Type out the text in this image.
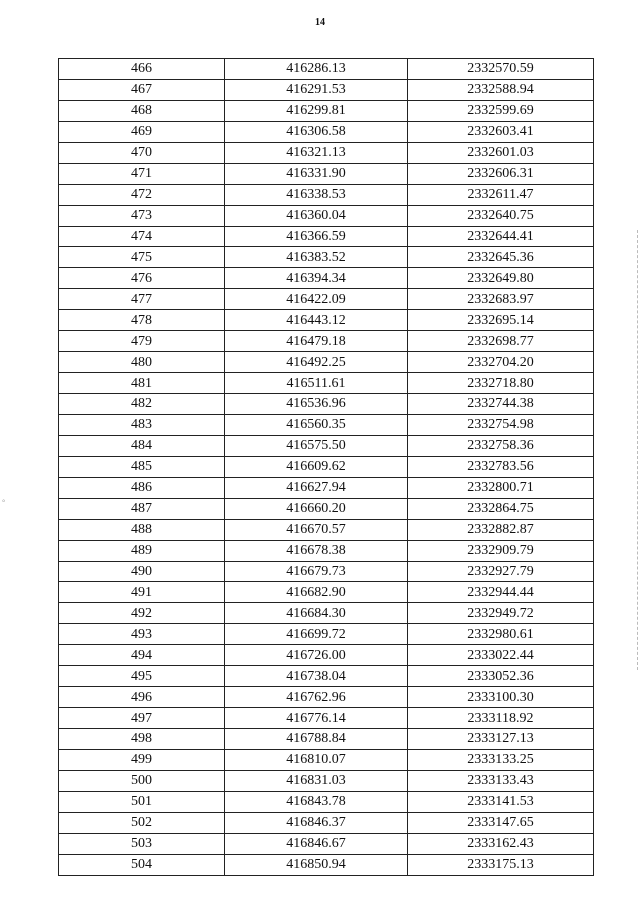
14
466	416286.13	2332570.59
467	416291.53	2332588.94
468	416299.81	2332599.69
469	416306.58	2332603.41
470	416321.13	2332601.03
471	416331.90	2332606.31
472	416338.53	2332611.47
473	416360.04	2332640.75
474	416366.59	2332644.41
475	416383.52	2332645.36
476	416394.34	2332649.80
477	416422.09	2332683.97
478	416443.12	2332695.14
479	416479.18	2332698.77
480	416492.25	2332704.20
481	416511.61	2332718.80
482	416536.96	2332744.38
483	416560.35	2332754.98
484	416575.50	2332758.36
485	416609.62	2332783.56
486	416627.94	2332800.71
487	416660.20	2332864.75
488	416670.57	2332882.87
489	416678.38	2332909.79
490	416679.73	2332927.79
491	416682.90	2332944.44
492	416684.30	2332949.72
493	416699.72	2332980.61
494	416726.00	2333022.44
495	416738.04	2333052.36
496	416762.96	2333100.30
497	416776.14	2333118.92
498	416788.84	2333127.13
499	416810.07	2333133.25
500	416831.03	2333133.43
501	416843.78	2333141.53
502	416846.37	2333147.65
503	416846.67	2333162.43
504	416850.94	2333175.13
°
